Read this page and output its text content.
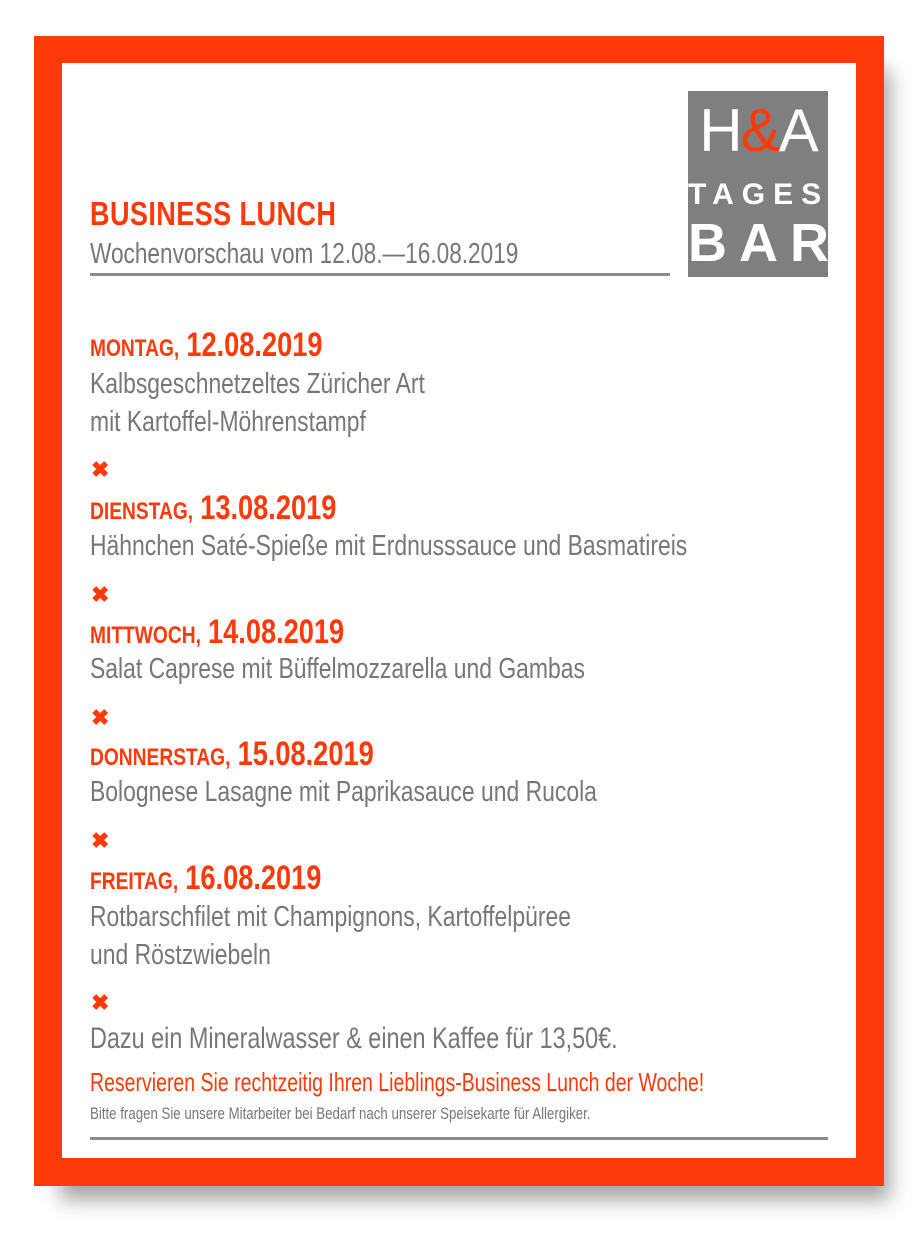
H&A
TAGES
BAR
BUSINESS LUNCH
Wochenvorschau vom 12.08.—16.08.2019
MONTAG, 12.08.2019
Kalbsgeschnetzeltes Züricher Art
mit Kartoffel-Möhrenstampf
✖
DIENSTAG, 13.08.2019
Hähnchen Saté-Spieße mit Erdnusssauce und Basmatireis
✖
MITTWOCH, 14.08.2019
Salat Caprese mit Büffelmozzarella und Gambas
✖
DONNERSTAG, 15.08.2019
Bolognese Lasagne mit Paprikasauce und Rucola
✖
FREITAG, 16.08.2019
Rotbarschfilet mit Champignons, Kartoffelpüree
und Röstzwiebeln
✖
Dazu ein Mineralwasser & einen Kaffee für 13,50€.
Reservieren Sie rechtzeitig Ihren Lieblings-Business Lunch der Woche!
Bitte fragen Sie unsere Mitarbeiter bei Bedarf nach unserer Speisekarte für Allergiker.
